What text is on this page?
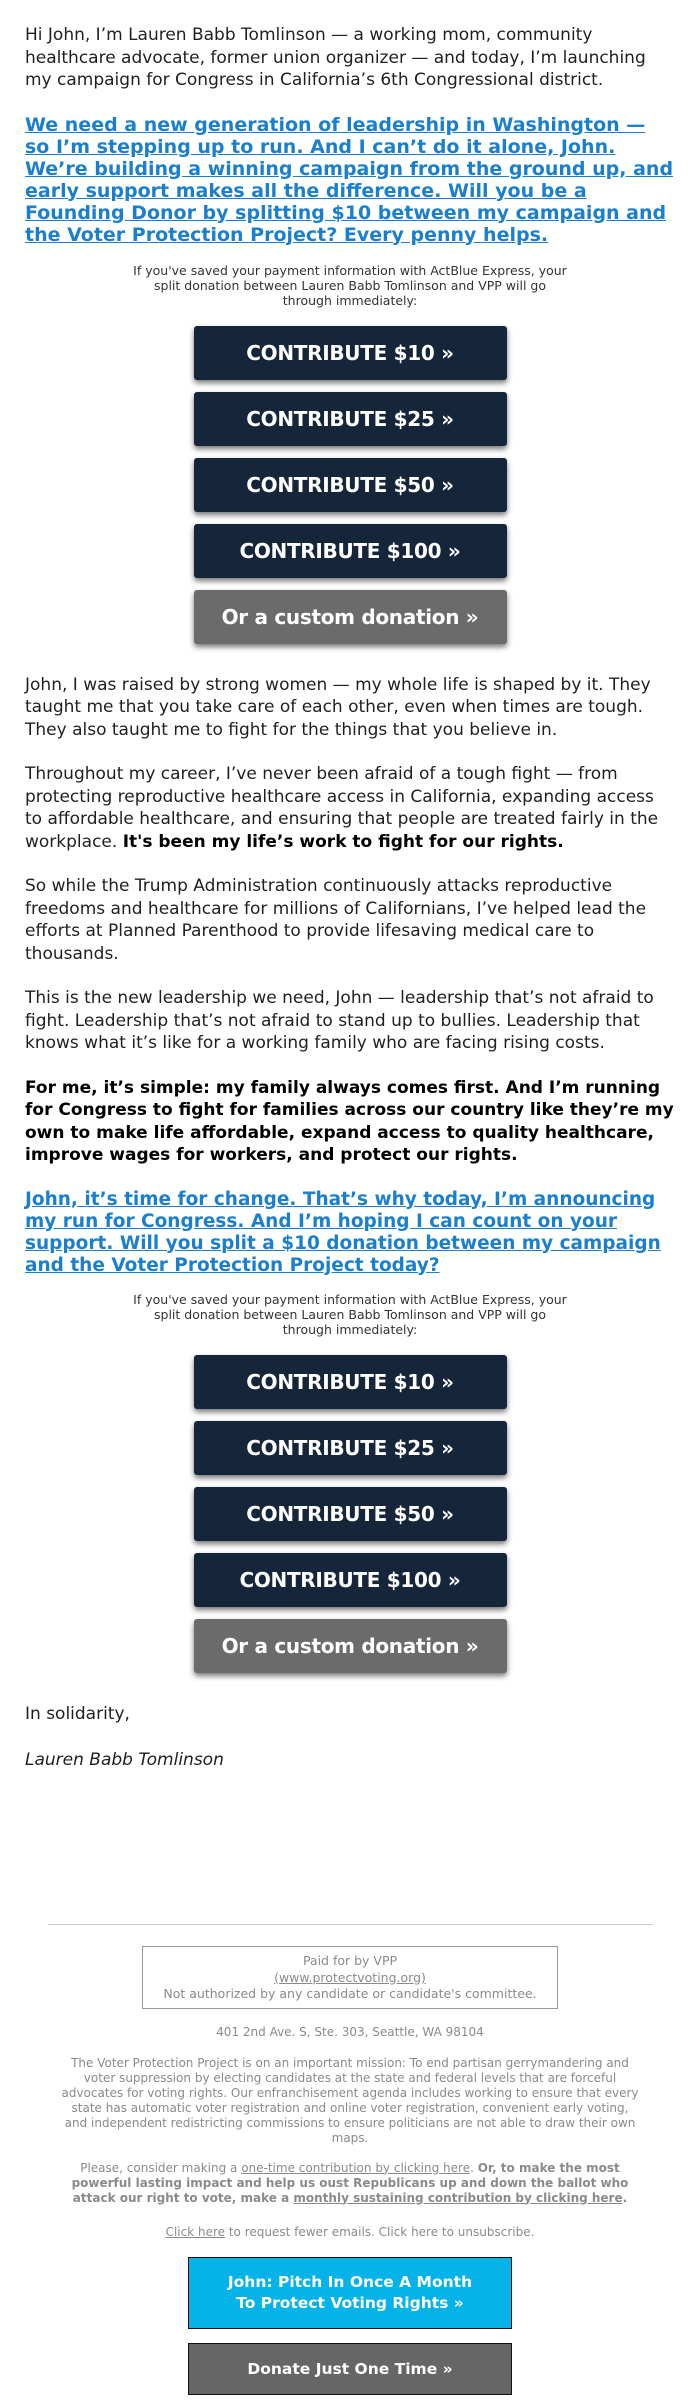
Hi John, I’m Lauren Babb Tomlinson — a working mom, community healthcare advocate, former union organizer — and today, I’m launching my campaign for Congress in California’s 6th Congressional district.

We need a new generation of leadership in Washington — so I’m stepping up to run. And I can’t do it alone, John. We’re building a winning campaign from the ground up, and early support makes all the difference. Will you be a Founding Donor by splitting $10 between my campaign and the Voter Protection Project? Every penny helps.

If you've saved your payment information with ActBlue Express, your split donation between Lauren Babb Tomlinson and VPP will go through immediately:

CONTRIBUTE $10 »
CONTRIBUTE $25 »
CONTRIBUTE $50 »
CONTRIBUTE $100 »
Or a custom donation »

John, I was raised by strong women — my whole life is shaped by it. They taught me that you take care of each other, even when times are tough. They also taught me to fight for the things that you believe in.

Throughout my career, I’ve never been afraid of a tough fight — from protecting reproductive healthcare access in California, expanding access to affordable healthcare, and ensuring that people are treated fairly in the workplace. It's been my life’s work to fight for our rights.

So while the Trump Administration continuously attacks reproductive freedoms and healthcare for millions of Californians, I’ve helped lead the efforts at Planned Parenthood to provide lifesaving medical care to thousands.

This is the new leadership we need, John — leadership that’s not afraid to fight. Leadership that’s not afraid to stand up to bullies. Leadership that knows what it’s like for a working family who are facing rising costs.

For me, it’s simple: my family always comes first. And I’m running for Congress to fight for families across our country like they’re my own to make life affordable, expand access to quality healthcare, improve wages for workers, and protect our rights.

John, it’s time for change. That’s why today, I’m announcing my run for Congress. And I’m hoping I can count on your support. Will you split a $10 donation between my campaign and the Voter Protection Project today?

If you've saved your payment information with ActBlue Express, your split donation between Lauren Babb Tomlinson and VPP will go through immediately:

CONTRIBUTE $10 »
CONTRIBUTE $25 »
CONTRIBUTE $50 »
CONTRIBUTE $100 »
Or a custom donation »

In solidarity,

Lauren Babb Tomlinson

Paid for by VPP
(www.protectvoting.org)
Not authorized by any candidate or candidate's committee.
401 2nd Ave. S, Ste. 303, Seattle, WA 98104

The Voter Protection Project is on an important mission: To end partisan gerrymandering and voter suppression by electing candidates at the state and federal levels that are forceful advocates for voting rights. Our enfranchisement agenda includes working to ensure that every state has automatic voter registration and online voter registration, convenient early voting, and independent redistricting commissions to ensure politicians are not able to draw their own maps.

Please, consider making a one-time contribution by clicking here. Or, to make the most powerful lasting impact and help us oust Republicans up and down the ballot who attack our right to vote, make a monthly sustaining contribution by clicking here.

Click here to request fewer emails. Click here to unsubscribe.

John: Pitch In Once A Month To Protect Voting Rights »
Donate Just One Time »
